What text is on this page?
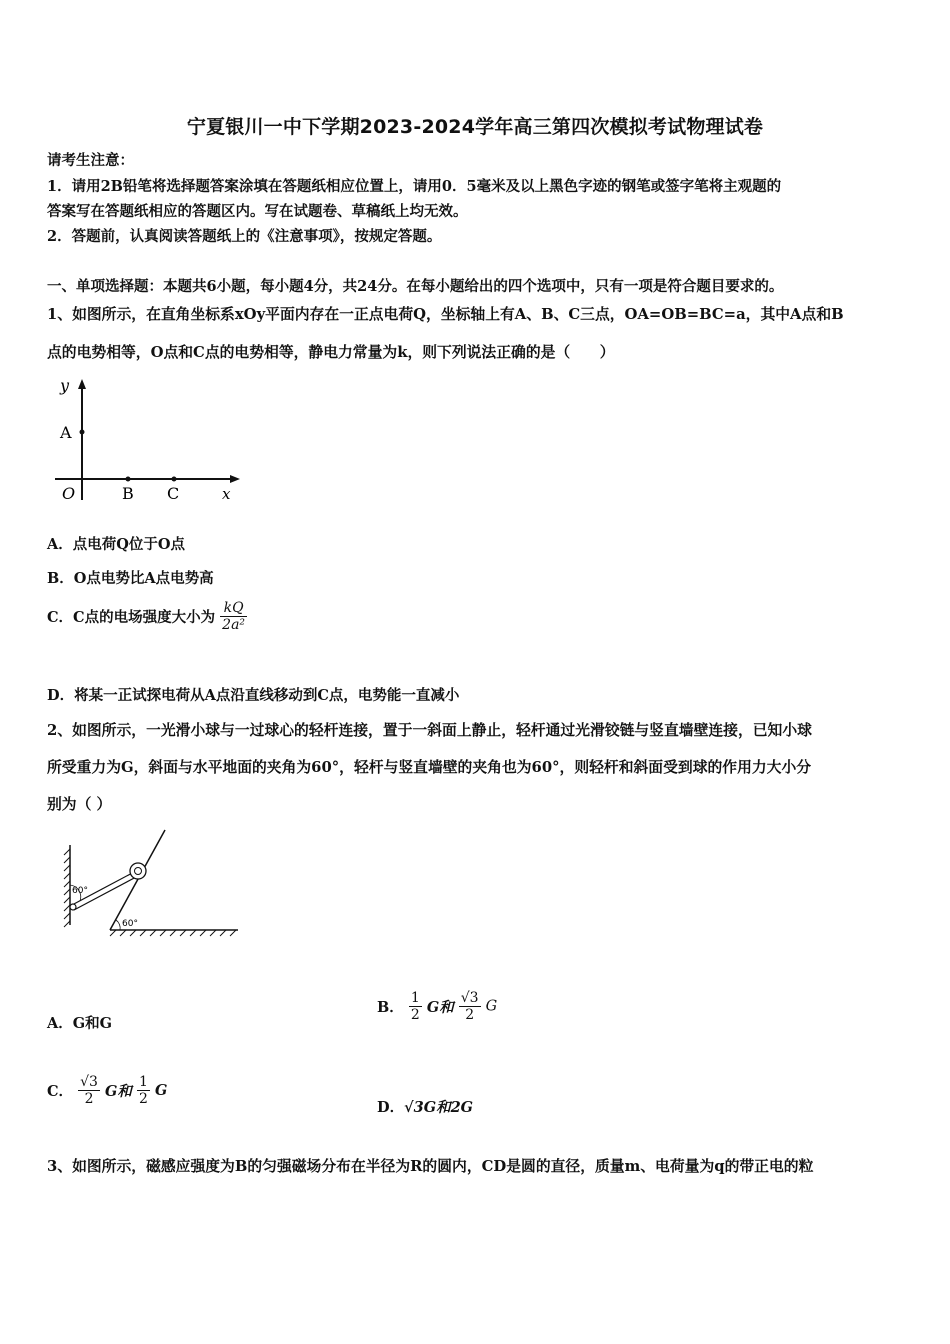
宁夏银川一中下学期2023-2024学年高三第四次模拟考试物理试卷
请考生注意：
1．请用2B铅笔将选择题答案涂填在答题纸相应位置上，请用0．5毫米及以上黑色字迹的钢笔或签字笔将主观题的
答案写在答题纸相应的答题区内。写在试题卷、草稿纸上均无效。
2．答题前，认真阅读答题纸上的《注意事项》，按规定答题。
一、单项选择题：本题共6小题，每小题4分，共24分。在每小题给出的四个选项中，只有一项是符合题目要求的。
1、如图所示，在直角坐标系xOy平面内存在一正点电荷Q，坐标轴上有A、B、C三点，OA=OB=BC=a，其中A点和B
点的电势相等，O点和C点的电势相等，静电力常量为k，则下列说法正确的是（　　）
y
A
O	B C	x
A．点电荷Q位于O点
B．O点电势比A点电势高
C．C点的电场强度大小为 $\frac{kQ}{\text{2a²}}$
D．将某一正试探电荷从A点沿直线移动到C点，电势能一直减小
2、如图所示，一光滑小球与一过球心的轻杆连接，置于一斜面上静止，轻杆通过光滑铰链与竖直墙壁连接，已知小球
所受重力为G，斜面与水平地面的夹角为60°，轻杆与竖直墙壁的夹角也为60°，则轻杆和斜面受到球的作用力大小分
别为（ ）
60°
60°
A．G和G
B． $\frac{1}{2}$ G和 $\frac{√3}{2}$ G
C． $\frac{√3}{2}$ G和 $\frac{1}{2}$ G
D．√3G和2G
3、如图所示，磁感应强度为B的匀强磁场分布在半径为R的圆内，CD是圆的直径，质量m、电荷量为q的带正电的粒
